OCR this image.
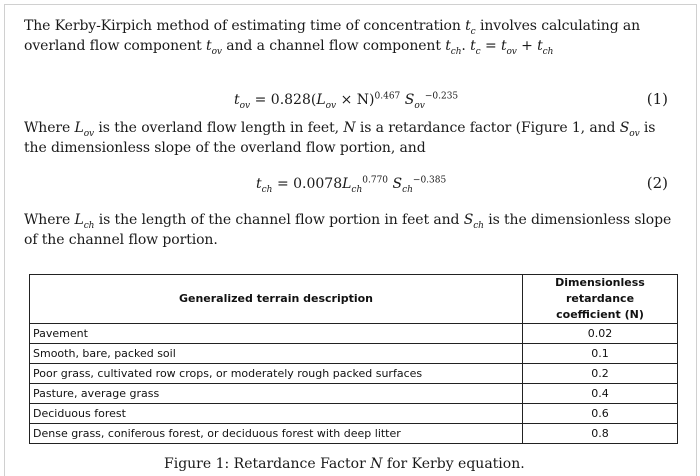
The Kerby-Kirpich method of estimating time of concentration $t_c$ involves calculating an overland flow component $t_{ov}$ and a channel flow component $t_{ch}$. $t_c = t_{ov} + t_{ch}$

$t_{ov} = 0.828(L_{ov} \times N)^{0.467}$ $S_{ov}^{-0.235}$	(1)

Where $L_{ov}$ is the overland flow length in feet, N is a retardance factor (Figure 1, and $S_{ov}$ is the dimensionless slope of the overland flow portion, and

$t_{ch} = 0.0078L_{ch}^{0.770}$ $S_{ch}^{-0.385}$	(2)

Where $L_{ch}$ is the length of the channel flow portion in feet and $S_{ch}$ is the dimensionless slope of the channel flow portion.

Generalized terrain description	Dimensionless retardance
coefficient (N)
Pavement	0.02
Smooth, bare, packed soil	0.1
Poor grass, cultivated row crops, or moderately rough packed surfaces	0.2
Pasture, average grass	0.4
Deciduous forest	0.6
Dense grass, coniferous forest, or deciduous forest with deep litter	0.8
Figure 1: Retardance Factor N for Kerby equation.
